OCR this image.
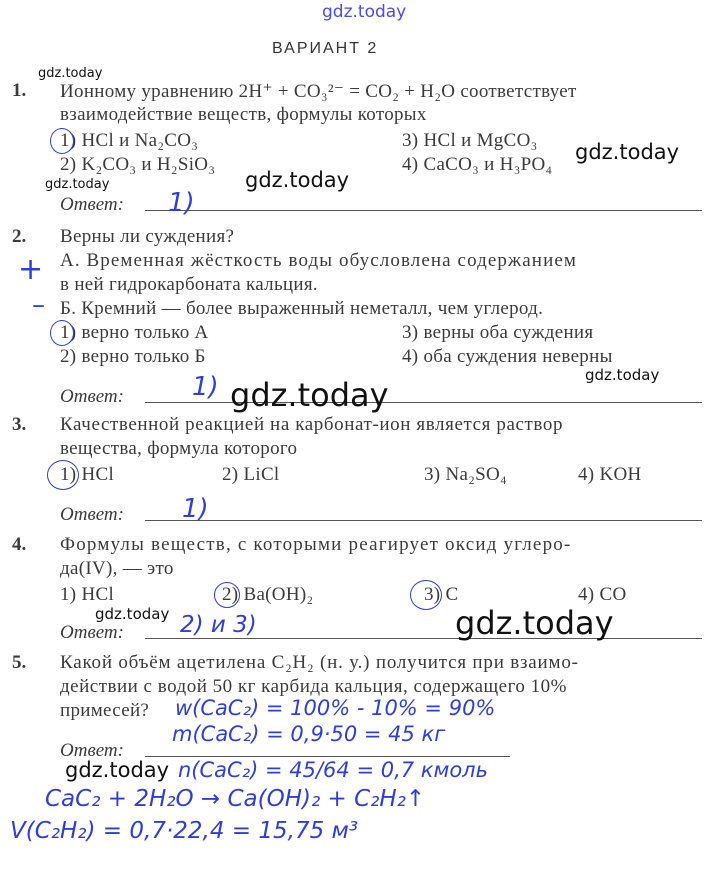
gdz.today
ВАРИАНТ 2
gdz.today
1. Ионному уравнению 2H⁺ + CO₃²⁻ = CO₂ + H₂O соответствует
взаимодействие веществ, формулы которых
1) HCl и Na₂CO₃
2) K₂CO₃ и H₂SiO₃
3) HCl и MgCO₃
4) CaCO₃ и H₃PO₄
gdz.today
gdz.today
gdz.today
Ответ: 1)
2. Верны ли суждения?
А. Временная жёсткость воды обусловлена содержанием
в ней гидрокарбоната кальция.
Б. Кремний — более выраженный неметалл, чем углерод.
+
–
1) верно только А
2) верно только Б
3) верны оба суждения
4) оба суждения неверны
gdz.today
Ответ:	1) gdz.today
3. Качественной реакцией на карбонат-ион является раствор
вещества, формула которого
1) HCl	2) LiCl	3) Na₂SO₄	4) KOH
Ответ: 1)
4. Формулы веществ, с которыми реагирует оксид углеро-
да(IV), — это
1) HCl	2) Ba(OH)₂	3) C	4) CO
gdz.today
Ответ: 2) и 3)	gdz.today
5. Какой объём ацетилена C₂H₂ (н. у.) получится при взаимо-
действии с водой 50 кг карбида кальция, содержащего 10%
примесей? w(CaC₂) = 100% - 10% = 90%
m(CaC₂) = 0,9·50 = 45 кг
Ответ:
gdz.today n(CaC₂) = 45/64 = 0,7 кмоль
CaC₂ + 2H₂O → Ca(OH)₂ + C₂H₂↑
V(C₂H₂) = 0,7·22,4 = 15,75 м³
